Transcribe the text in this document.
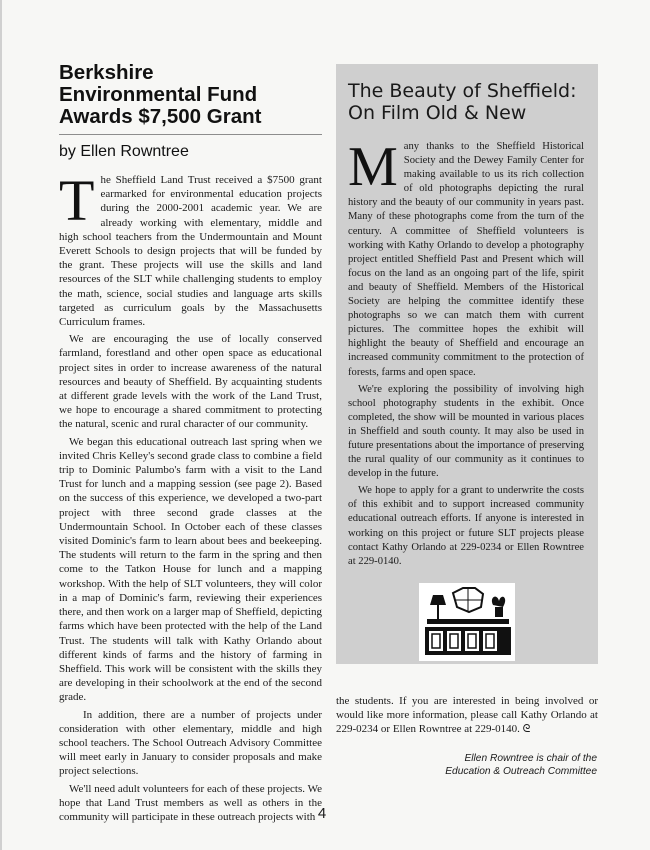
Berkshire
Environmental Fund
Awards $7,500 Grant

by Ellen Rowntree

The Sheffield Land Trust received a $7500 grant earmarked for environmental education projects during the 2000-2001 academic year. We are already working with elementary, middle and high school teachers from the Undermountain and Mount Everett Schools to design projects that will be funded by the grant. These projects will use the skills and land resources of the SLT while challenging students to employ the math, science, social studies and language arts skills targeted as curriculum goals by the Massachusetts Curriculum frames.

We are encouraging the use of locally conserved farmland, forestland and other open space as educational project sites in order to increase awareness of the natural resources and beauty of Sheffield. By acquainting students at different grade levels with the work of the Land Trust, we hope to encourage a shared commitment to protecting the natural, scenic and rural character of our community.

We began this educational outreach last spring when we invited Chris Kelley's second grade class to combine a field trip to Dominic Palumbo's farm with a visit to the Land Trust for lunch and a mapping session (see page 2). Based on the success of this experience, we developed a two-part project with three second grade classes at the Undermountain School. In October each of these classes visited Dominic's farm to learn about bees and beekeeping. The students will return to the farm in the spring and then come to the Tatkon House for lunch and a mapping workshop. With the help of SLT volunteers, they will color in a map of Dominic's farm, reviewing their experiences there, and then work on a larger map of Sheffield, depicting farms which have been protected with the help of the Land Trust. The students will talk with Kathy Orlando about different kinds of farms and the history of farming in Sheffield. This work will be consistent with the skills they are developing in their schoolwork at the end of the second grade.

In addition, there are a number of projects under consideration with other elementary, middle and high school teachers. The School Outreach Advisory Committee will meet early in January to consider proposals and make project selections.

We'll need adult volunteers for each of these projects. We hope that Land Trust members as well as others in the community will participate in these outreach projects with

The Beauty of Sheffield:
On Film Old & New

Many thanks to the Sheffield Historical Society and the Dewey Family Center for making available to us its rich collection of old photographs depicting the rural history and the beauty of our community in years past. Many of these photographs come from the turn of the century. A committee of Sheffield volunteers is working with Kathy Orlando to develop a photography project entitled Sheffield Past and Present which will focus on the land as an ongoing part of the life, spirit and beauty of Sheffield. Members of the Historical Society are helping the committee identify these photographs so we can match them with current pictures. The committee hopes the exhibit will highlight the beauty of Sheffield and encourage an increased community commitment to the protection of forests, farms and open space.

We're exploring the possibility of involving high school photography students in the exhibit. Once completed, the show will be mounted in various places in Sheffield and south county. It may also be used in future presentations about the importance of preserving the rural quality of our community as it continues to develop in the future.

We hope to apply for a grant to underwrite the costs of this exhibit and to support increased community educational outreach efforts. If anyone is interested in working on this project or future SLT projects please contact Kathy Orlando at 229-0234 or Ellen Rowntree at 229-0140.

the students. If you are interested in being involved or would like more information, please call Kathy Orlando at 229-0234 or Ellen Rowntree at 229-0140. ᘓ

Ellen Rowntree is chair of the Education & Outreach Committee
4
